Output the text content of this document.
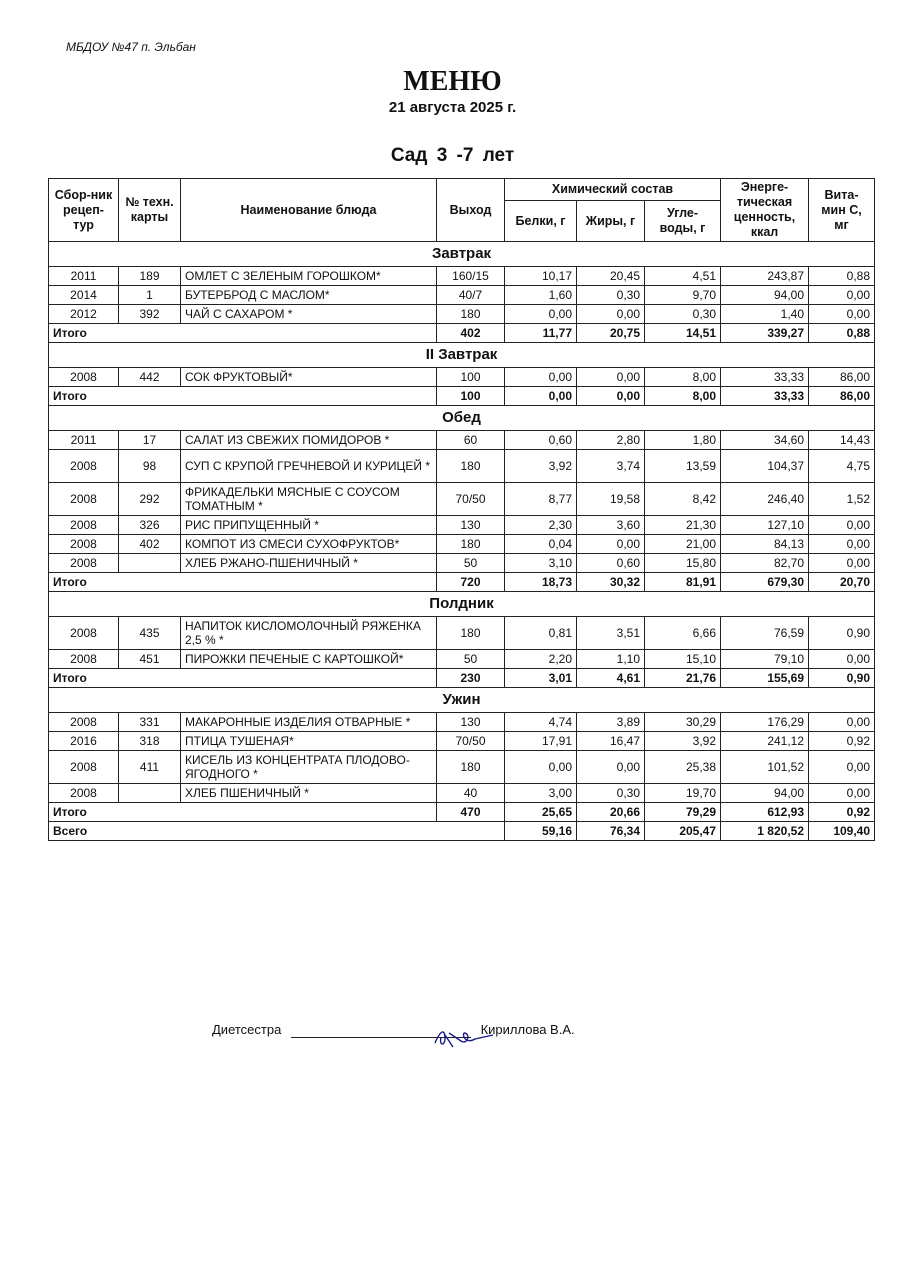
МБДОУ №47 п. Эльбан
МЕНЮ
21 августа 2025 г.
Сад 3 -7 лет
Сбор-ник рецеп-тур	№ техн. карты	Наименование блюда	Выход	Химический состав			Энерге-тическая ценность, ккал	Вита-мин С, мг
				Белки, г	Жиры, г	Угле-воды, г		
Завтрак								
2011	189	ОМЛЕТ С ЗЕЛЕНЫМ ГОРОШКОМ*	160/15	10,17	20,45	4,51	243,87	0,88
2014	1	БУТЕРБРОД С МАСЛОМ*	40/7	1,60	0,30	9,70	94,00	0,00
2012	392	ЧАЙ С САХАРОМ *	180	0,00	0,00	0,30	1,40	0,00
Итого			402	11,77	20,75	14,51	339,27	0,88
II Завтрак								
2008	442	СОК ФРУКТОВЫЙ*	100	0,00	0,00	8,00	33,33	86,00
Итого			100	0,00	0,00	8,00	33,33	86,00
Обед								
2011	17	САЛАТ ИЗ СВЕЖИХ ПОМИДОРОВ *	60	0,60	2,80	1,80	34,60	14,43
2008	98	СУП С КРУПОЙ ГРЕЧНЕВОЙ И КУРИЦЕЙ *	180	3,92	3,74	13,59	104,37	4,75
2008	292	ФРИКАДЕЛЬКИ МЯСНЫЕ С СОУСОМ ТОМАТНЫМ *	70/50	8,77	19,58	8,42	246,40	1,52
2008	326	РИС ПРИПУЩЕННЫЙ *	130	2,30	3,60	21,30	127,10	0,00
2008	402	КОМПОТ ИЗ СМЕСИ СУХОФРУКТОВ*	180	0,04	0,00	21,00	84,13	0,00
2008		ХЛЕБ РЖАНО-ПШЕНИЧНЫЙ *	50	3,10	0,60	15,80	82,70	0,00
Итого			720	18,73	30,32	81,91	679,30	20,70
Полдник								
2008	435	НАПИТОК КИСЛОМОЛОЧНЫЙ РЯЖЕНКА 2,5 % *	180	0,81	3,51	6,66	76,59	0,90
2008	451	ПИРОЖКИ ПЕЧЕНЫЕ С КАРТОШКОЙ*	50	2,20	1,10	15,10	79,10	0,00
Итого			230	3,01	4,61	21,76	155,69	0,90
Ужин								
2008	331	МАКАРОННЫЕ ИЗДЕЛИЯ ОТВАРНЫЕ *	130	4,74	3,89	30,29	176,29	0,00
2016	318	ПТИЦА ТУШЕНАЯ*	70/50	17,91	16,47	3,92	241,12	0,92
2008	411	КИСЕЛЬ ИЗ КОНЦЕНТРАТА ПЛОДОВО-ЯГОДНОГО *	180	0,00	0,00	25,38	101,52	0,00
2008		ХЛЕБ ПШЕНИЧНЫЙ *	40	3,00	0,30	19,70	94,00	0,00
Итого			470	25,65	20,66	79,29	612,93	0,92
Всего				59,16	76,34	205,47	1 820,52	109,40
Диетсестра	Кириллова В.А.
